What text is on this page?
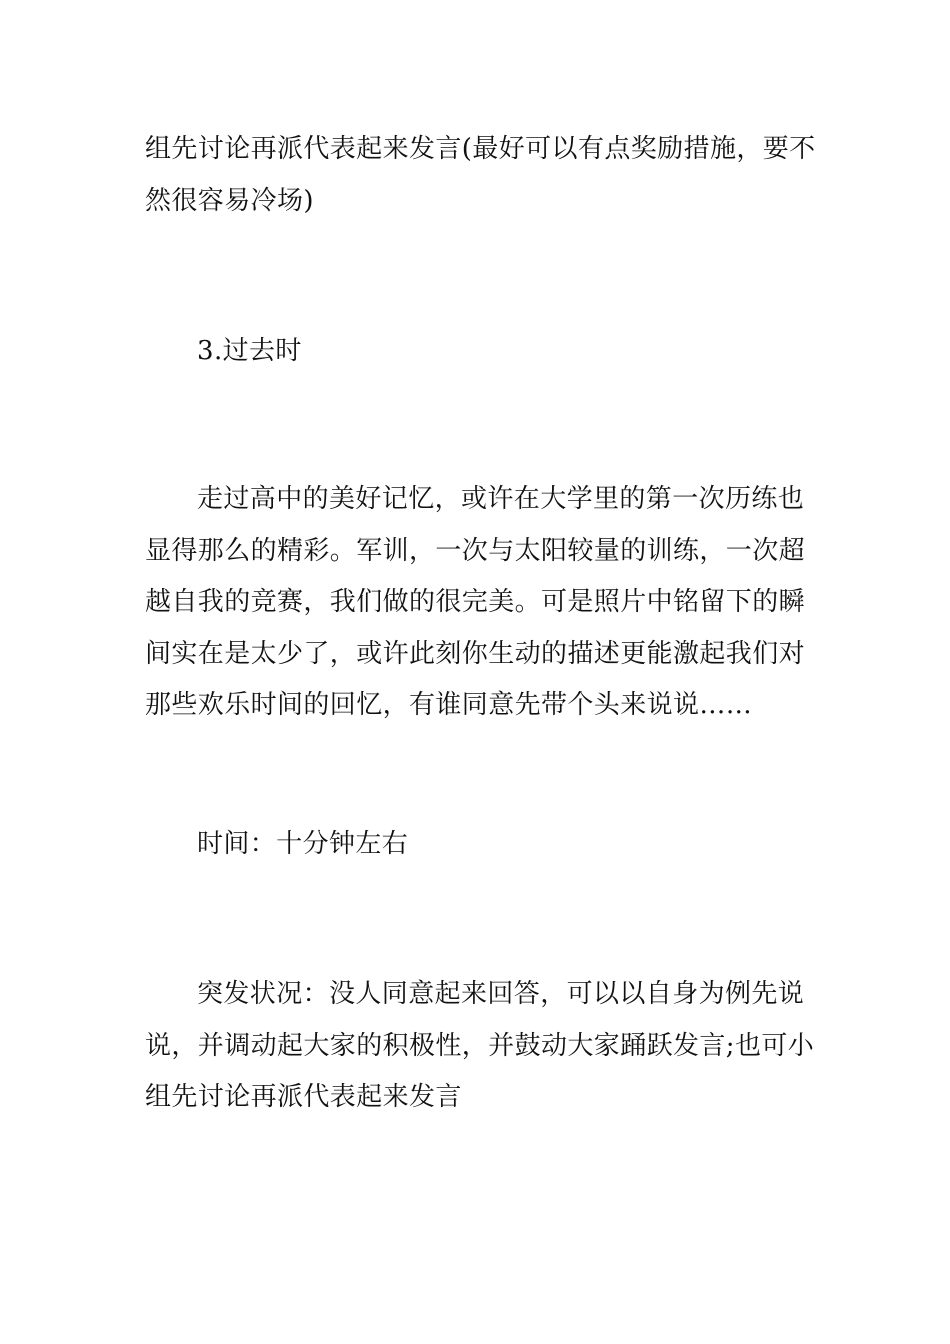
组先讨论再派代表起来发言(最好可以有点奖励措施，要不
然很容易冷场)
3.过去时
走过高中的美好记忆，或许在大学里的第一次历练也
显得那么的精彩。军训，一次与太阳较量的训练，一次超
越自我的竞赛，我们做的很完美。可是照片中铭留下的瞬
间实在是太少了，或许此刻你生动的描述更能激起我们对
那些欢乐时间的回忆，有谁同意先带个头来说说……
时间：十分钟左右
突发状况：没人同意起来回答，可以以自身为例先说
说，并调动起大家的积极性，并鼓动大家踊跃发言;也可小
组先讨论再派代表起来发言
